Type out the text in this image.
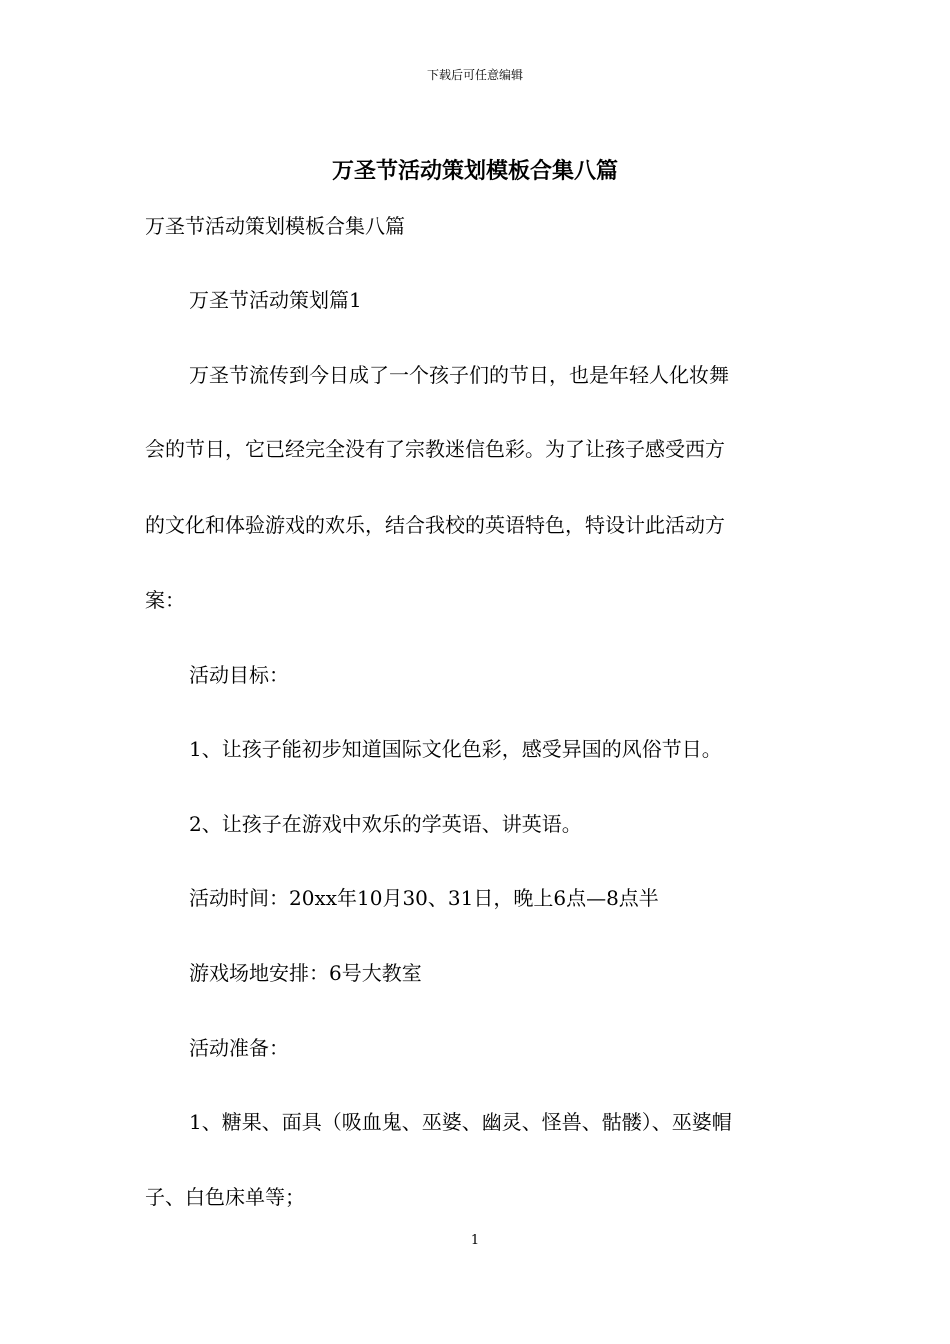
下载后可任意编辑
万圣节活动策划模板合集八篇
万圣节活动策划模板合集八篇
万圣节活动策划篇1
万圣节流传到今日成了一个孩子们的节日，也是年轻人化妆舞
会的节日，它已经完全没有了宗教迷信色彩。为了让孩子感受西方
的文化和体验游戏的欢乐，结合我校的英语特色，特设计此活动方
案：
活动目标：
1、让孩子能初步知道国际文化色彩，感受异国的风俗节日。
2、让孩子在游戏中欢乐的学英语、讲英语。
活动时间：20xx年10月30、31日，晚上6点—8点半
游戏场地安排：6号大教室
活动准备：
1、糖果、面具（吸血鬼、巫婆、幽灵、怪兽、骷髅）、巫婆帽
子、白色床单等；
1
